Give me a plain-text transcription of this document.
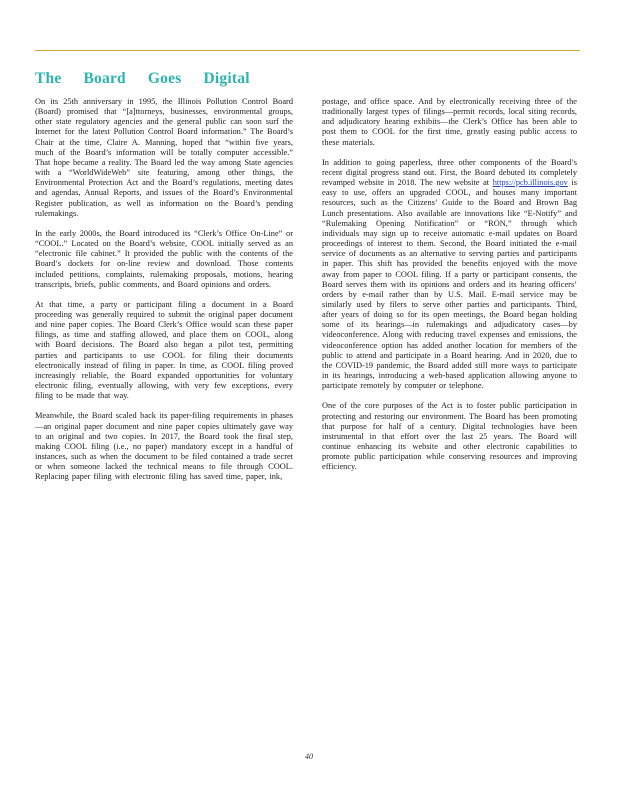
The Board Goes Digital

On its 25th anniversary in 1995, the Illinois Pollution Control Board (Board) promised that “[a]ttorneys, businesses, environmental groups, other state regulatory agencies and the general public can soon surf the Internet for the latest Pollution Control Board information.” The Board’s Chair at the time, Claire A. Manning, hoped that “within five years, much of the Board’s information will be totally computer accessible.” That hope became a reality. The Board led the way among State agencies with a “WorldWideWeb” site featuring, among other things, the Environmental Protection Act and the Board’s regulations, meeting dates and agendas, Annual Reports, and issues of the Board’s Environmental Register publication, as well as information on the Board’s pending rulemakings.

In the early 2000s, the Board introduced its “Clerk’s Office On-Line” or “COOL.” Located on the Board’s website, COOL initially served as an “electronic file cabinet.” It provided the public with the contents of the Board’s dockets for on-line review and download. Those contents included petitions, complaints, rulemaking proposals, motions, hearing transcripts, briefs, public comments, and Board opinions and orders.

At that time, a party or participant filing a document in a Board proceeding was generally required to submit the original paper document and nine paper copies. The Board Clerk’s Office would scan these paper filings, as time and staffing allowed, and place them on COOL, along with Board decisions. The Board also began a pilot test, permitting parties and participants to use COOL for filing their documents electronically instead of filing in paper. In time, as COOL filing proved increasingly reliable, the Board expanded opportunities for voluntary electronic filing, eventually allowing, with very few exceptions, every filing to be made that way.

Meanwhile, the Board scaled back its paper-filing requirements in phases—an original paper document and nine paper copies ultimately gave way to an original and two copies. In 2017, the Board took the final step, making COOL filing (i.e., no paper) mandatory except in a handful of instances, such as when the document to be filed contained a trade secret or when someone lacked the technical means to file through COOL. Replacing paper filing with electronic filing has saved time, paper, ink,

postage, and office space. And by electronically receiving three of the traditionally largest types of filings—permit records, local siting records, and adjudicatory hearing exhibits—the Clerk’s Office has been able to post them to COOL for the first time, greatly easing public access to these materials.

In addition to going paperless, three other components of the Board’s recent digital progress stand out. First, the Board debuted its completely revamped website in 2018. The new website at https://pcb.illinois.gov is easy to use, offers an upgraded COOL, and houses many important resources, such as the Citizens’ Guide to the Board and Brown Bag Lunch presentations. Also available are innovations like “E-Notify” and “Rulemaking Opening Notification” or “RON,” through which individuals may sign up to receive automatic e-mail updates on Board proceedings of interest to them. Second, the Board initiated the e-mail service of documents as an alternative to serving parties and participants in paper. This shift has provided the benefits enjoyed with the move away from paper to COOL filing. If a party or participant consents, the Board serves them with its opinions and orders and its hearing officers’ orders by e-mail rather than by U.S. Mail. E-mail service may be similarly used by filers to serve other parties and participants. Third, after years of doing so for its open meetings, the Board began holding some of its hearings—in rulemakings and adjudicatory cases—by videoconference. Along with reducing travel expenses and emissions, the videoconference option has added another location for members of the public to attend and participate in a Board hearing. And in 2020, due to the COVID-19 pandemic, the Board added still more ways to participate in its hearings, introducing a web-based application allowing anyone to participate remotely by computer or telephone.

One of the core purposes of the Act is to foster public participation in protecting and restoring our environment. The Board has been promoting that purpose for half of a century. Digital technologies have been instrumental in that effort over the last 25 years. The Board will continue enhancing its website and other electronic capabilities to promote public participation while conserving resources and improving efficiency.

40
